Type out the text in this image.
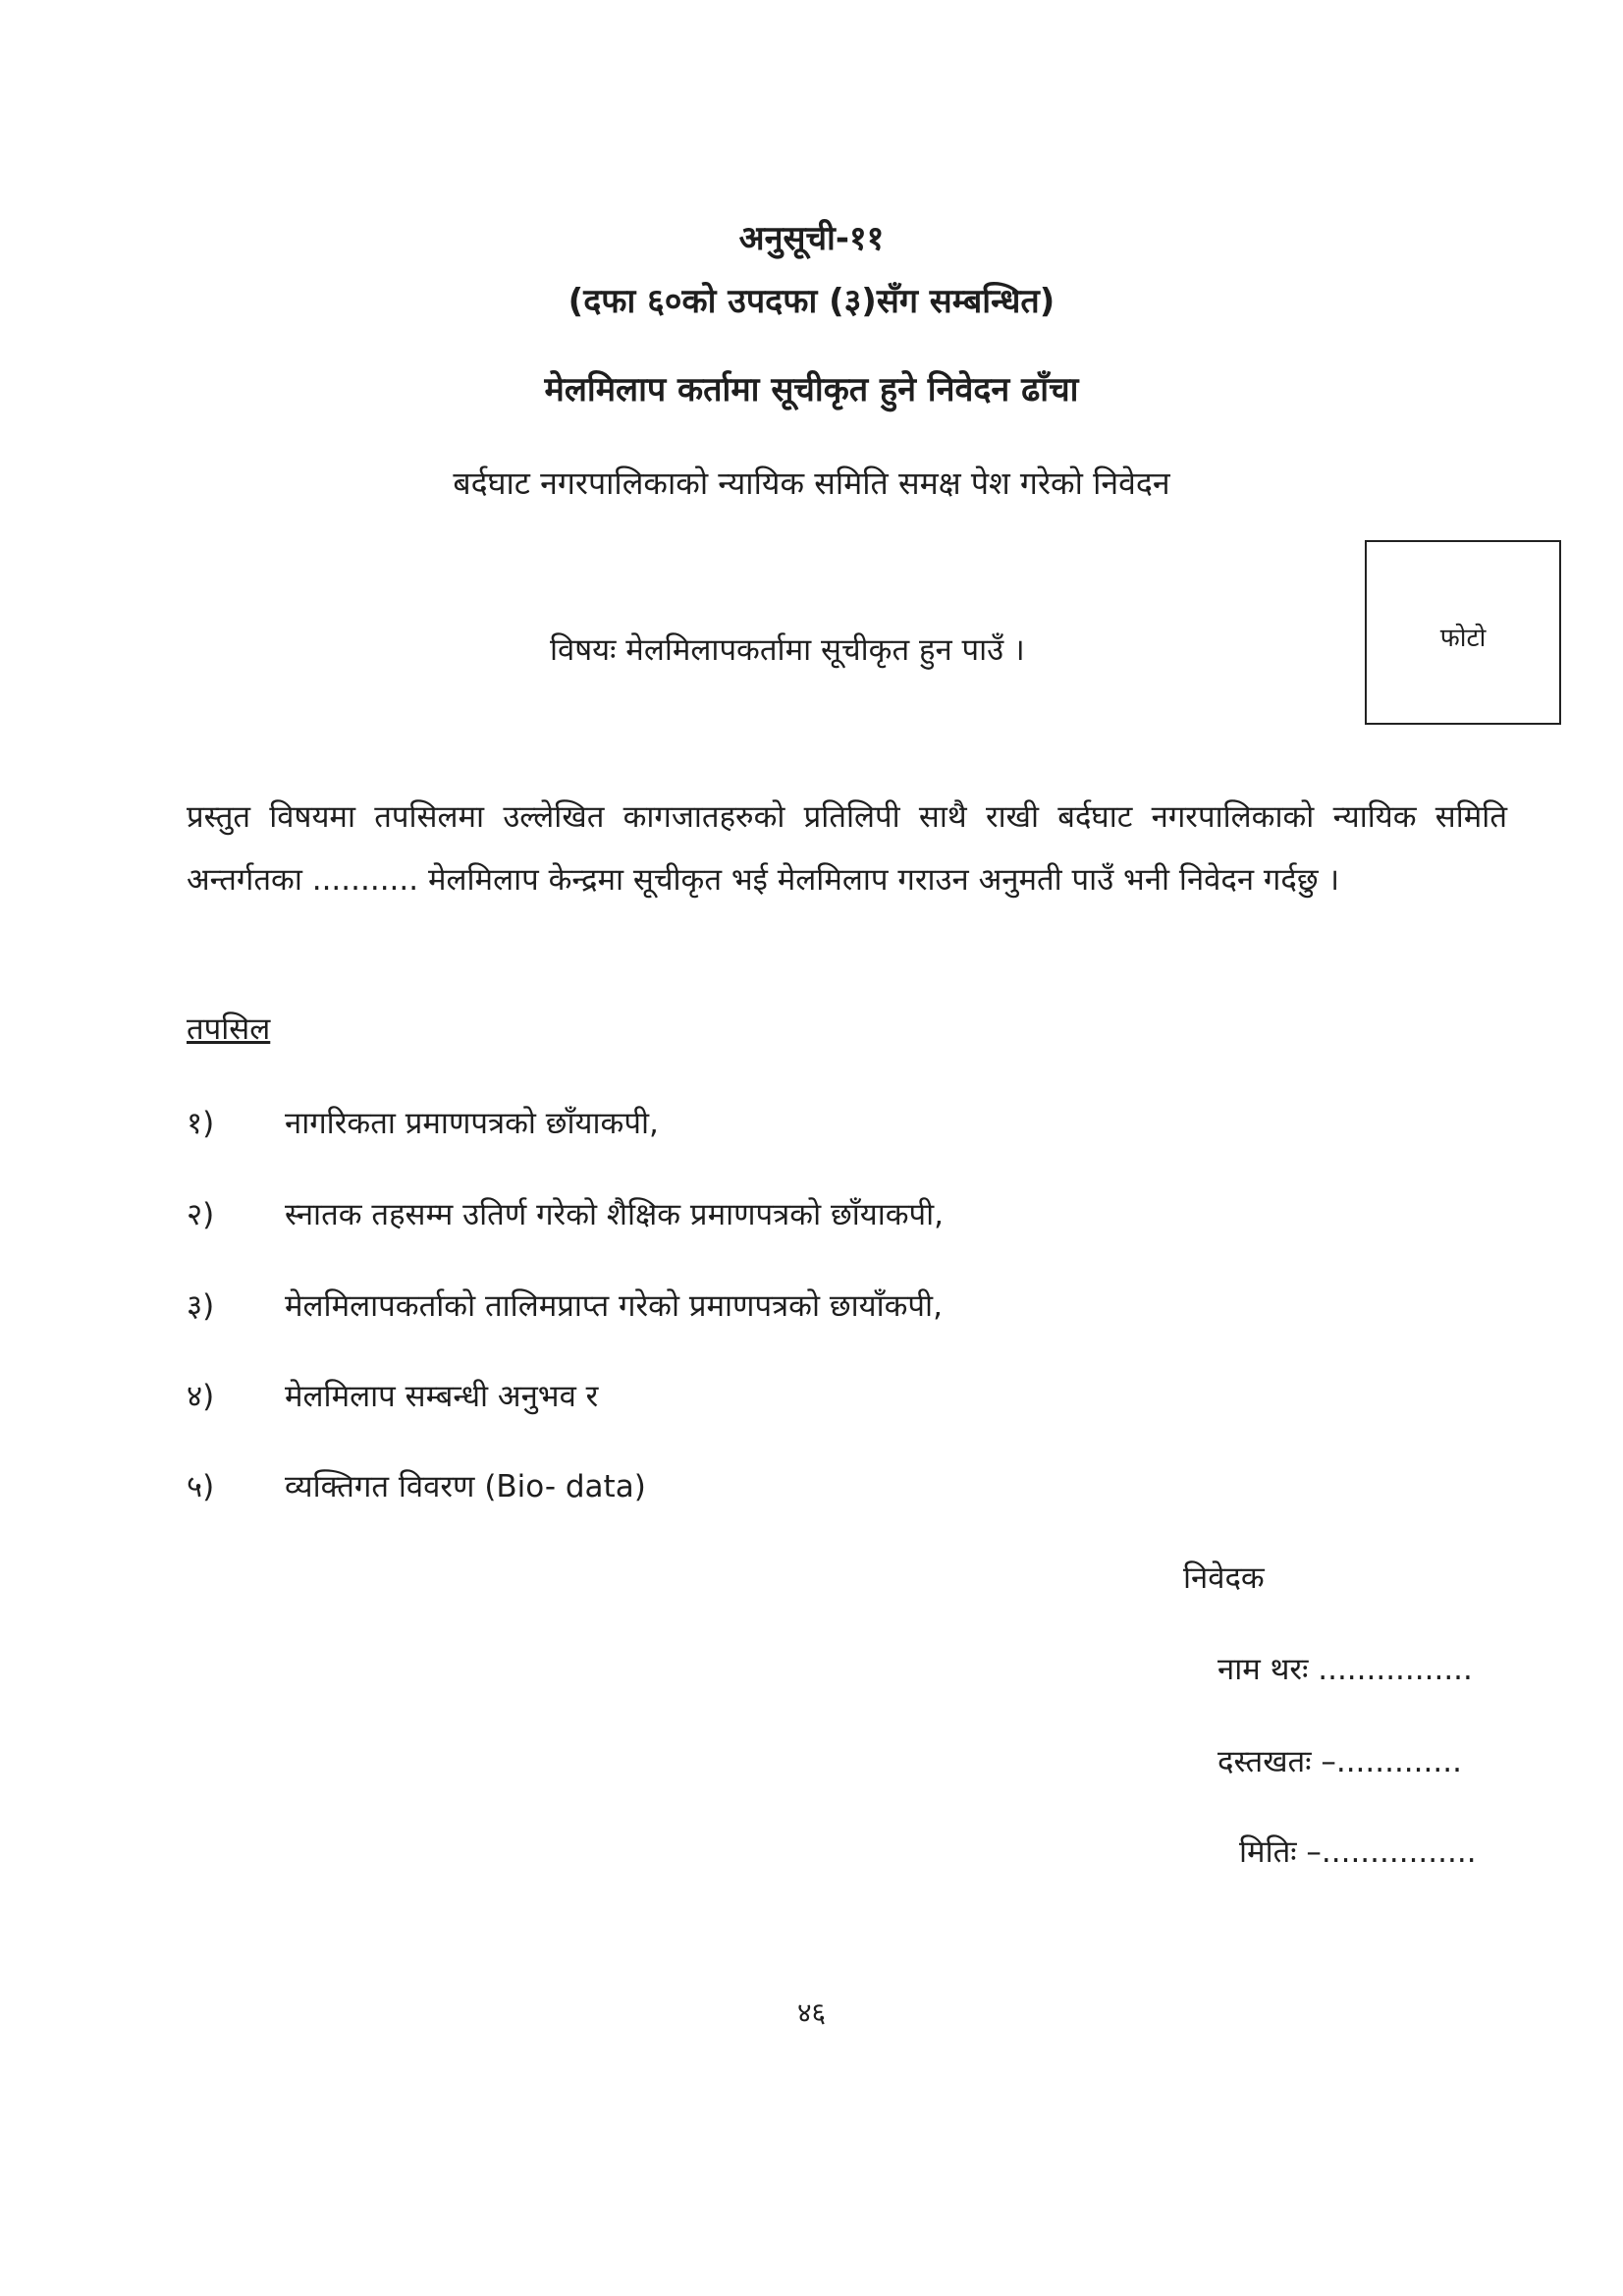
अनुसूची-११
(दफा ६०को उपदफा (३)सँग सम्बन्धित)
मेलमिलाप कर्तामा सूचीकृत हुने निवेदन ढाँचा
बर्दघाट नगरपालिकाको न्यायिक समिति समक्ष पेश गरेको निवेदन
फोटो
विषयः मेलमिलापकर्तामा सूचीकृत हुन पाउँ ।
प्रस्तुत विषयमा तपसिलमा उल्लेखित कागजातहरुको प्रतिलिपी साथै राखी बर्दघाट नगरपालिकाको न्यायिक समिति अन्तर्गतका ........... मेलमिलाप केन्द्रमा सूचीकृत भई मेलमिलाप गराउन अनुमती पाउँ भनी निवेदन गर्दछु ।
तपसिल
१) नागरिकता प्रमाणपत्रको छाँयाकपी,
२) स्नातक तहसम्म उतिर्ण गरेको शैक्षिक प्रमाणपत्रको छाँयाकपी,
३) मेलमिलापकर्ताको तालिमप्राप्त गरेको प्रमाणपत्रको छायाँकपी,
४) मेलमिलाप सम्बन्धी अनुभव र
५) व्यक्तिगत विवरण (Bio- data)
निवेदक
नाम थरः ................
दस्तखतः –.............
मितिः –................
४६
